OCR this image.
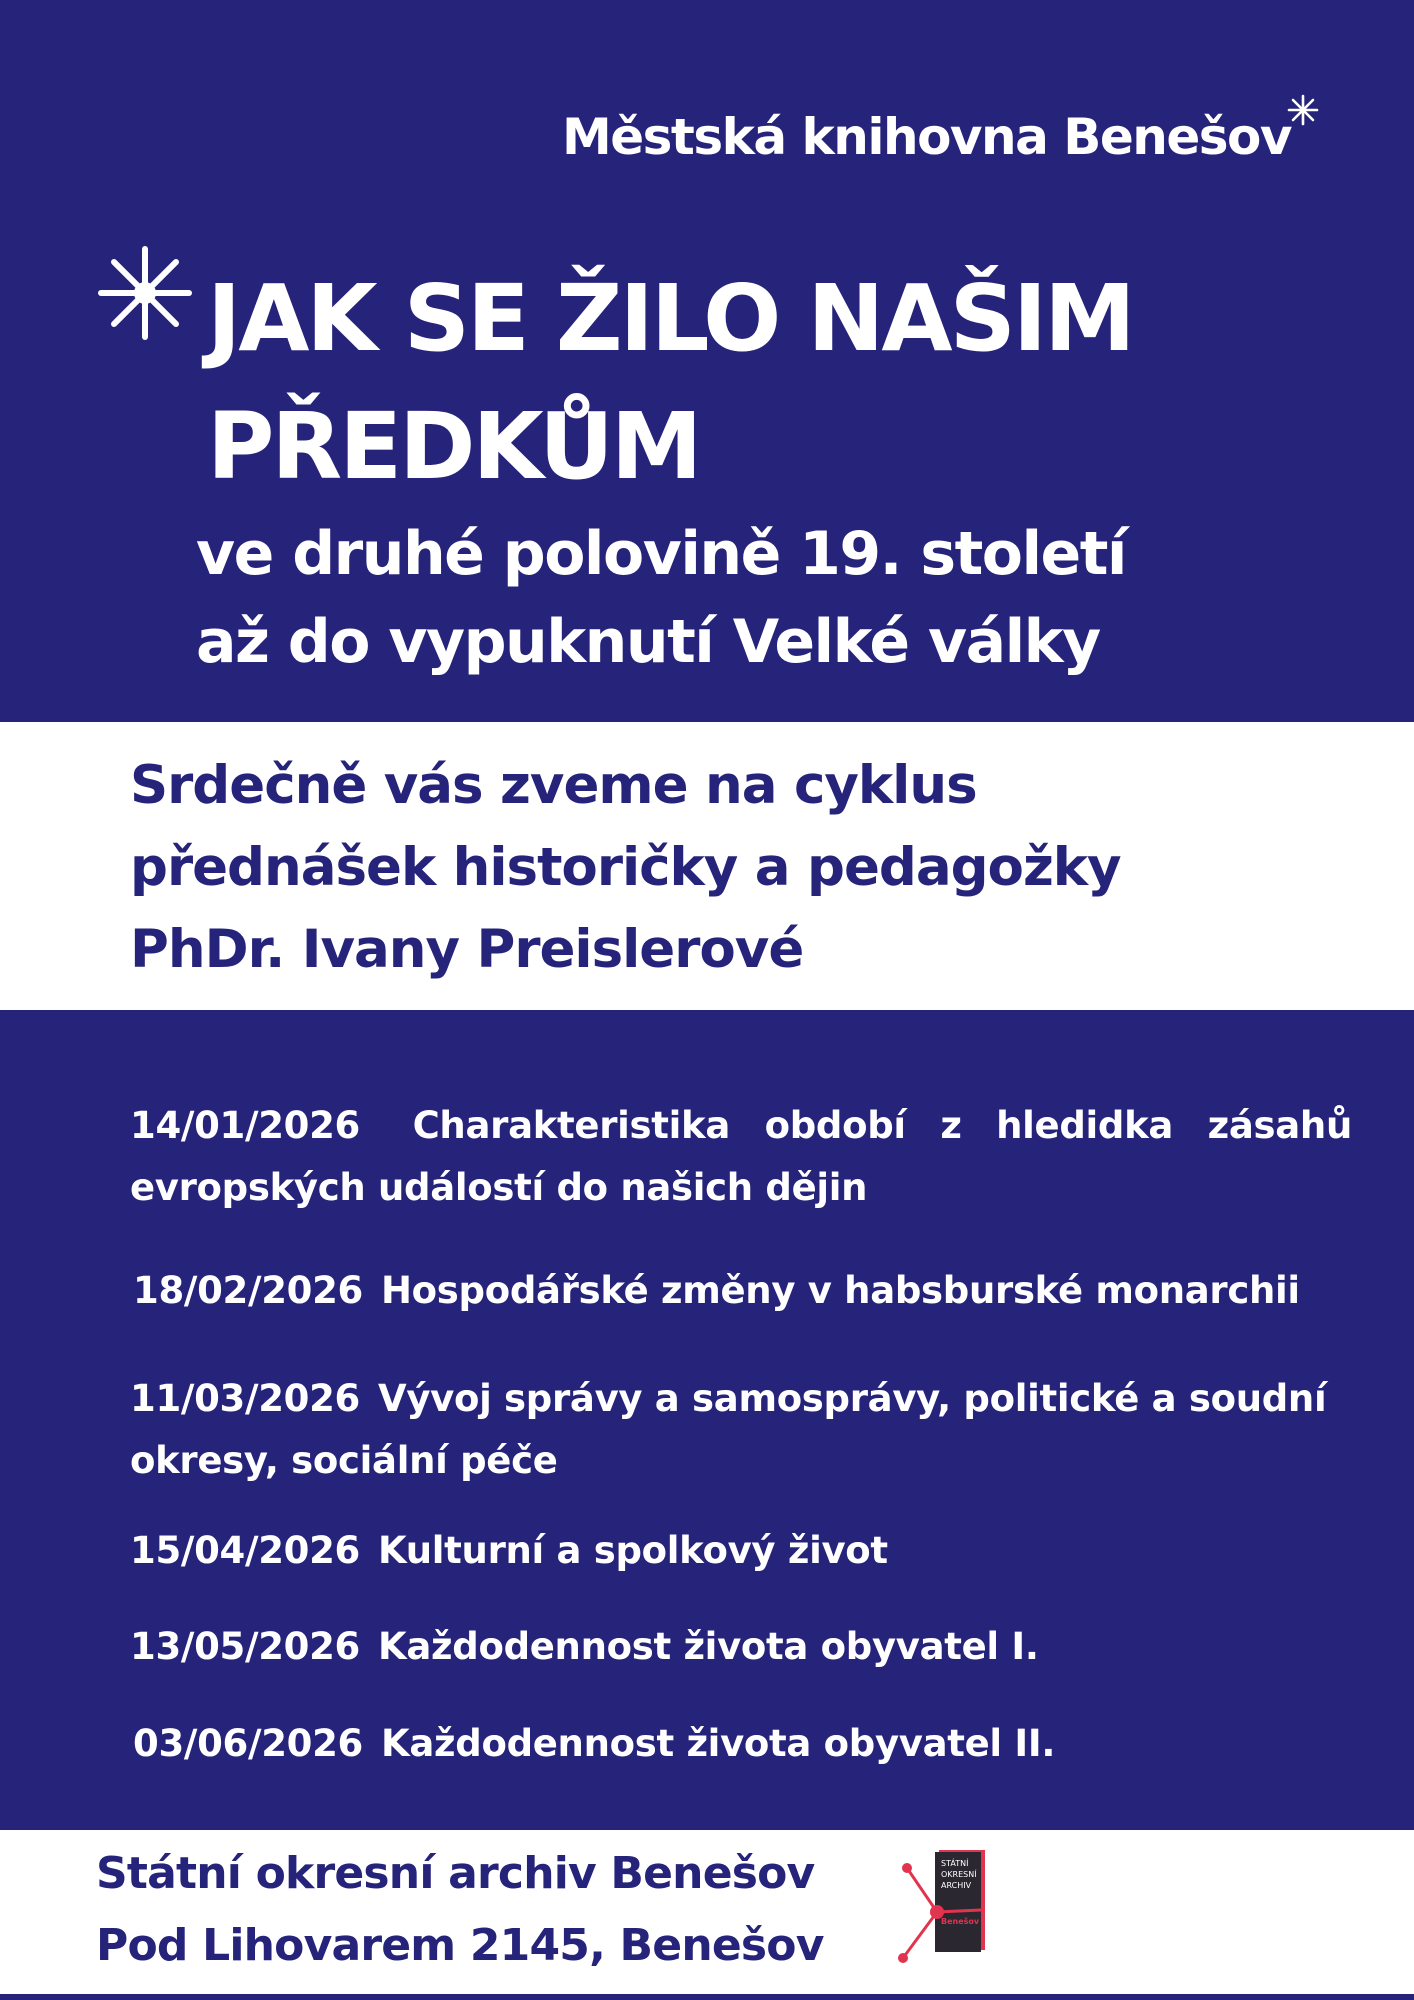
Městská knihovna Benešov
JAK SE ŽILO NAŠIM
PŘEDKŮM
ve druhé polovině 19. století
až do vypuknutí Velké války
Srdečně vás zveme na cyklus
přednášek historičky a pedagožky
PhDr. Ivany Preislerové
14/01/2026 Charakteristika období z hledidka zásahů evropských událostí do našich dějin
18/02/2026 Hospodářské změny v habsburské monarchii
11/03/2026 Vývoj správy a samosprávy, politické a soudní okresy, sociální péče
15/04/2026 Kulturní a spolkový život
13/05/2026 Každodennost života obyvatel I.
03/06/2026 Každodennost života obyvatel II.
Státní okresní archiv Benešov
Pod Lihovarem 2145, Benešov
STÁTNÍ
OKRESNÍ
ARCHIV
Benešov
